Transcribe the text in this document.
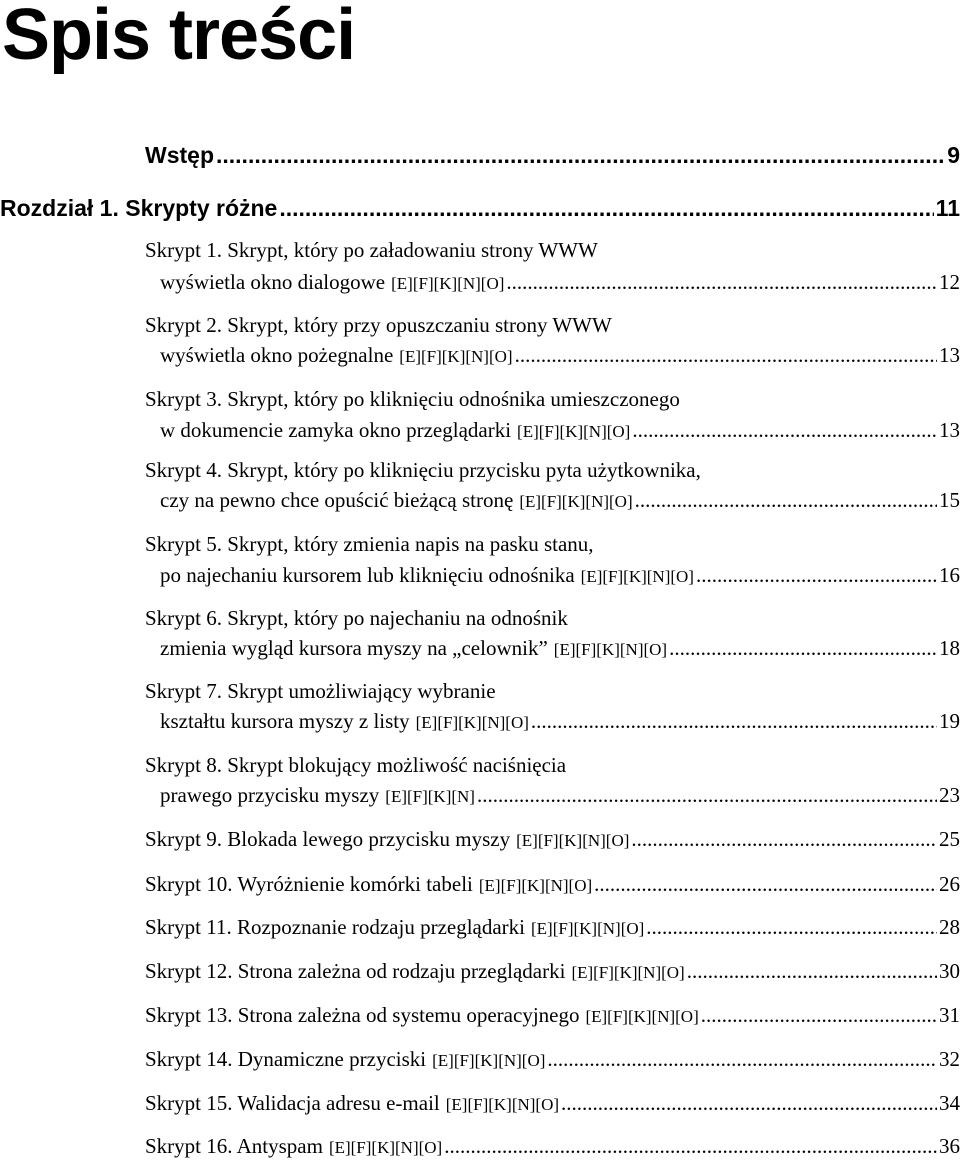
Spis treści
Wstęp .....	9
Rozdział 1. Skrypty różne .....	11
Skrypt 1. Skrypt, który po załadowaniu strony WWW
wyświetla okno dialogowe [E][F][K][N][O] .....	12
Skrypt 2. Skrypt, który przy opuszczaniu strony WWW
wyświetla okno pożegnalne [E][F][K][N][O] .....	13
Skrypt 3. Skrypt, który po kliknięciu odnośnika umieszczonego
w dokumencie zamyka okno przeglądarki [E][F][K][N][O] .....	13
Skrypt 4. Skrypt, który po kliknięciu przycisku pyta użytkownika,
czy na pewno chce opuścić bieżącą stronę [E][F][K][N][O] .....	15
Skrypt 5. Skrypt, który zmienia napis na pasku stanu,
po najechaniu kursorem lub kliknięciu odnośnika [E][F][K][N][O] .....	16
Skrypt 6. Skrypt, który po najechaniu na odnośnik
zmienia wygląd kursora myszy na „celownik” [E][F][K][N][O] .....	18
Skrypt 7. Skrypt umożliwiający wybranie
kształtu kursora myszy z listy [E][F][K][N][O] .....	19
Skrypt 8. Skrypt blokujący możliwość naciśnięcia
prawego przycisku myszy [E][F][K][N] .....	23
Skrypt 9. Blokada lewego przycisku myszy [E][F][K][N][O] .....	25
Skrypt 10. Wyróżnienie komórki tabeli [E][F][K][N][O] .....	26
Skrypt 11. Rozpoznanie rodzaju przeglądarki [E][F][K][N][O] .....	28
Skrypt 12. Strona zależna od rodzaju przeglądarki [E][F][K][N][O] .....	30
Skrypt 13. Strona zależna od systemu operacyjnego [E][F][K][N][O] .....	31
Skrypt 14. Dynamiczne przyciski [E][F][K][N][O] .....	32
Skrypt 15. Walidacja adresu e-mail [E][F][K][N][O] .....	34
Skrypt 16. Antyspam [E][F][K][N][O] .....	36
